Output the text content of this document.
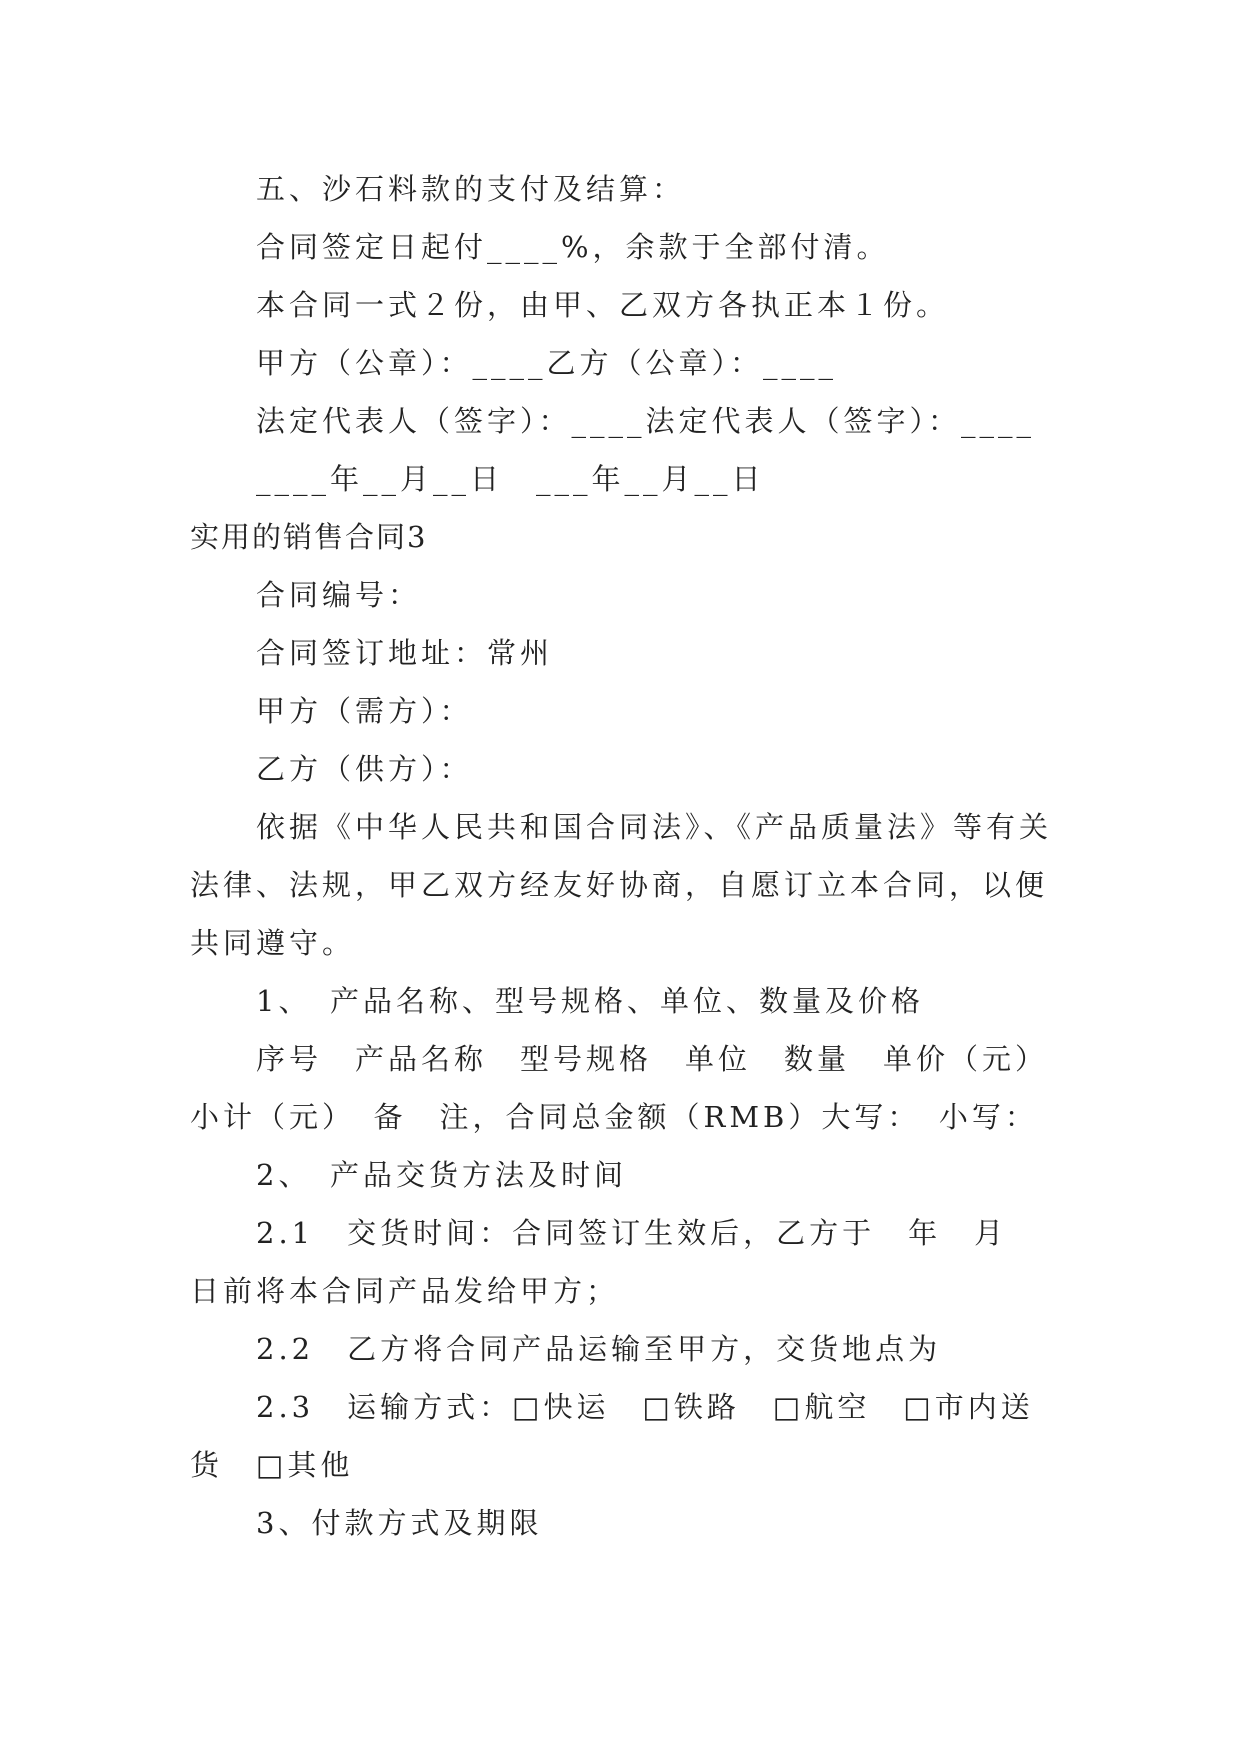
五、沙石料款的支付及结算：

合同签定日起付____%，余款于全部付清。

本合同一式２份，由甲、乙双方各执正本１份。

甲方（公章）：____乙方（公章）：____

法定代表人（签字）：____法定代表人（签字）：____

____年__月__日　___年__月__日

实用的销售合同3

合同编号：

合同签订地址：常州

甲方（需方）：

乙方（供方）：

依据《中华人民共和国合同法》、《产品质量法》等有关法律、法规，甲乙双方经友好协商，自愿订立本合同，以便共同遵守。

1、　产品名称、型号规格、单位、数量及价格

序号　产品名称　型号规格　单位　数量　单价（元）　小计（元）　备　注，合同总金额（RMB）大写：　小写：

2、　产品交货方法及时间

2.1　交货时间：合同签订生效后，乙方于　年　月　日前将本合同产品发给甲方；

2.2　乙方将合同产品运输至甲方，交货地点为

2.3　运输方式：□快运　□铁路　□航空　□市内送货　□其他

3、付款方式及期限
